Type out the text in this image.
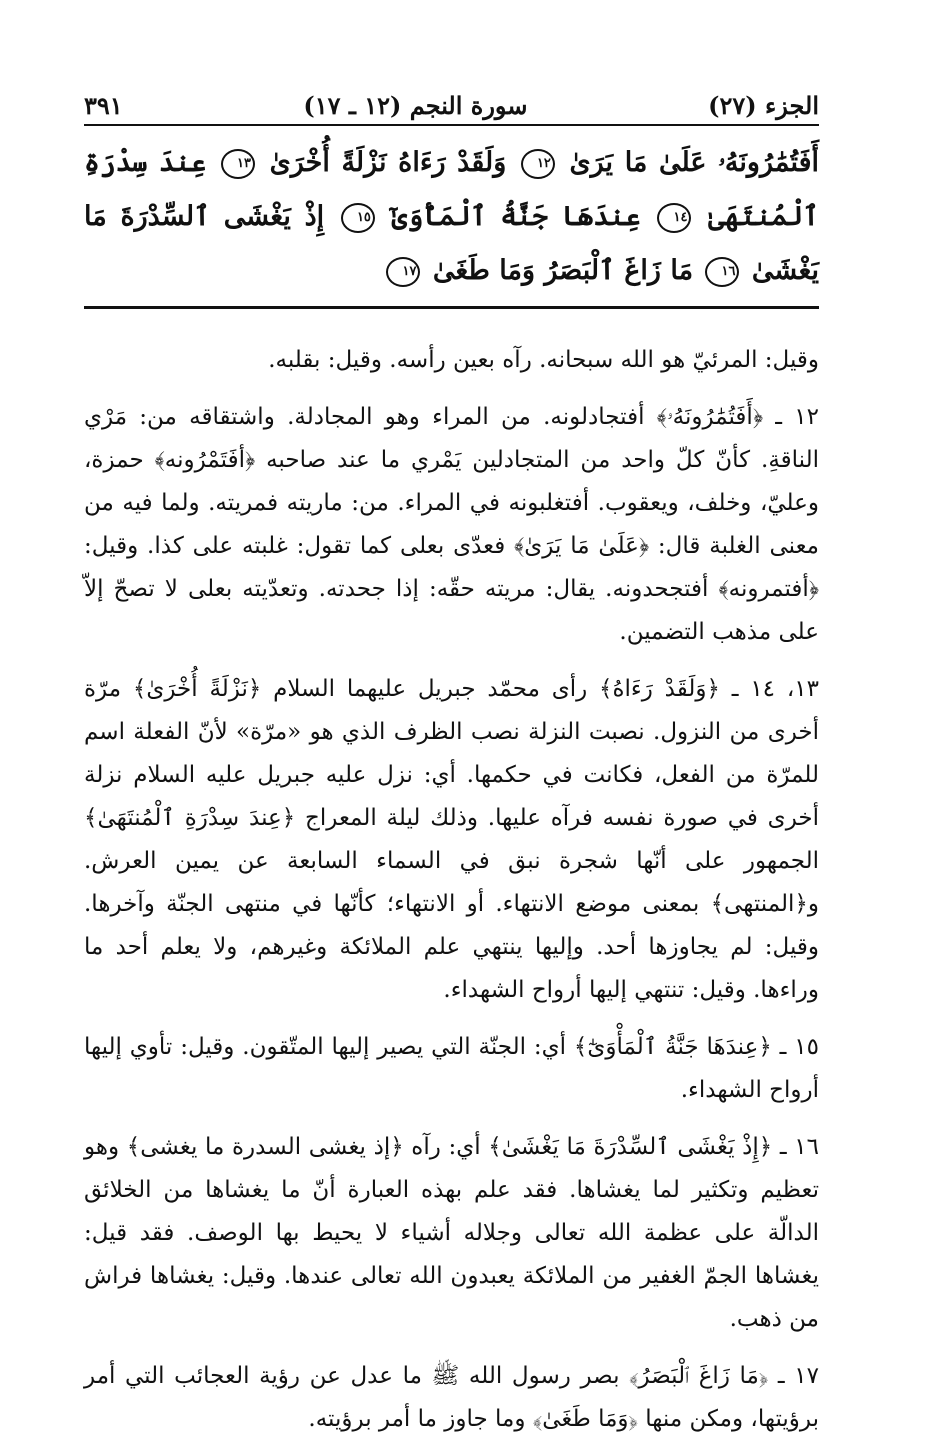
الجزء (٢٧)
سورة النجم (١٢ ـ ١٧)
٣٩١
أَفَتُمَٰرُونَهُۥ عَلَىٰ مَا يَرَىٰ ١٢ وَلَقَدْ رَءَاهُ نَزْلَةً أُخْرَىٰ ١٣ عِندَ سِدْرَةِ ٱلْمُنتَهَىٰ ١٤ عِندَهَا جَنَّةُ ٱلْمَأْوَىٰٓ ١٥ إِذْ يَغْشَى ٱلسِّدْرَةَ مَا يَغْشَىٰ ١٦ مَا زَاغَ ٱلْبَصَرُ وَمَا طَغَىٰ ١٧

وقيل: المرئيّ هو الله سبحانه. رآه بعين رأسه. وقيل: بقلبه.

١٢ ـ ﴿أَفَتُمَٰرُونَهُۥ﴾ أفتجادلونه. من المراء وهو المجادلة. واشتقاقه من: مَرْي الناقةِ. كأنّ كلّ واحد من المتجادلين يَمْري ما عند صاحبه ﴿أفَتَمْرُونه﴾ حمزة، وعليّ، وخلف، ويعقوب. أفتغلبونه في المراء. من: ماريته فمريته. ولما فيه من معنى الغلبة قال: ﴿عَلَىٰ مَا يَرَىٰ﴾ فعدّى بعلى كما تقول: غلبته على كذا. وقيل: ﴿أفتمرونه﴾ أفتجحدونه. يقال: مريته حقّه: إذا جحدته. وتعدّيته بعلى لا تصحّ إلاّ على مذهب التضمين.

١٣، ١٤ ـ ﴿وَلَقَدْ رَءَاهُ﴾ رأى محمّد جبريل عليهما السلام ﴿نَزْلَةً أُخْرَىٰ﴾ مرّة أخرى من النزول. نصبت النزلة نصب الظرف الذي هو «مرّة» لأنّ الفعلة اسم للمرّة من الفعل، فكانت في حكمها. أي: نزل عليه جبريل عليه السلام نزلة أخرى في صورة نفسه فرآه عليها. وذلك ليلة المعراج ﴿عِندَ سِدْرَةِ ٱلْمُنتَهَىٰ﴾ الجمهور على أنّها شجرة نبق في السماء السابعة عن يمين العرش. و﴿المنتهى﴾ بمعنى موضع الانتهاء. أو الانتهاء؛ كأنّها في منتهى الجنّة وآخرها. وقيل: لم يجاوزها أحد. وإليها ينتهي علم الملائكة وغيرهم، ولا يعلم أحد ما وراءها. وقيل: تنتهي إليها أرواح الشهداء.

١٥ ـ ﴿عِندَهَا جَنَّةُ ٱلْمَأْوَىٰٓ﴾ أي: الجنّة التي يصير إليها المتّقون. وقيل: تأوي إليها أرواح الشهداء.

١٦ ـ ﴿إِذْ يَغْشَى ٱلسِّدْرَةَ مَا يَغْشَىٰ﴾ أي: رآه ﴿إذ يغشى السدرة ما يغشى﴾ وهو تعظيم وتكثير لما يغشاها. فقد علم بهذه العبارة أنّ ما يغشاها من الخلائق الدالّة على عظمة الله تعالى وجلاله أشياء لا يحيط بها الوصف. فقد قيل: يغشاها الجمّ الغفير من الملائكة يعبدون الله تعالى عندها. وقيل: يغشاها فراش من ذهب.

١٧ ـ ﴿مَا زَاغَ ٱلْبَصَرُ﴾ بصر رسول الله ﷺ ما عدل عن رؤية العجائب التي أمر برؤيتها، ومكن منها ﴿وَمَا طَغَىٰ﴾ وما جاوز ما أمر برؤيته.
